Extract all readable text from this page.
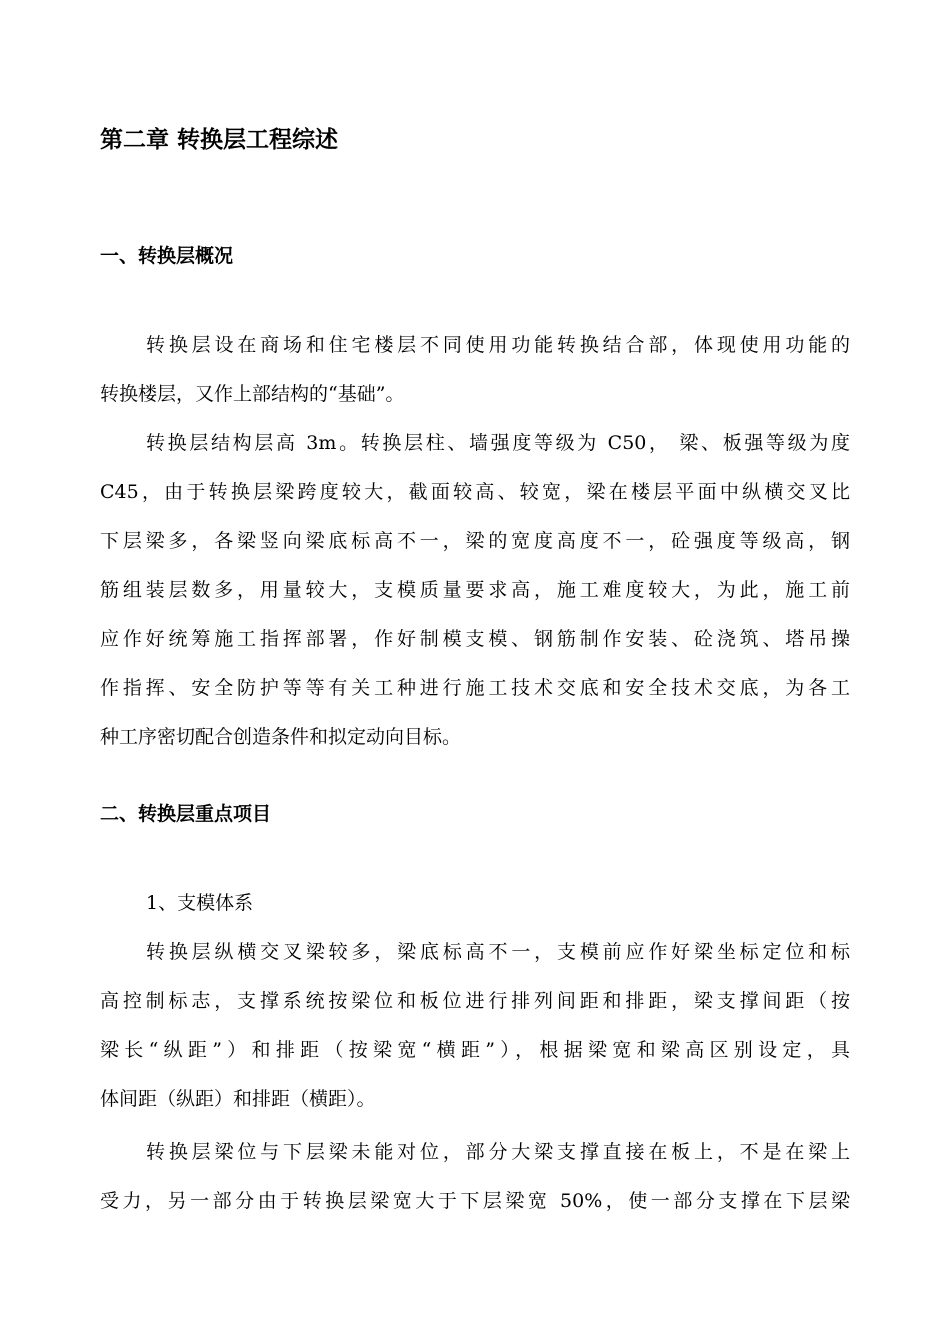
第二章 转换层工程综述
一、转换层概况
转换层设在商场和住宅楼层不同使用功能转换结合部，体现使用功能的
转换楼层，又作上部结构的“基础”。
转换层结构层高 3m。转换层柱、墙强度等级为 C50， 梁、板强等级为度
C45，由于转换层梁跨度较大，截面较高、较宽，梁在楼层平面中纵横交叉比
下层梁多，各梁竖向梁底标高不一，梁的宽度高度不一，砼强度等级高，钢
筋组装层数多，用量较大，支模质量要求高，施工难度较大，为此，施工前
应作好统筹施工指挥部署，作好制模支模、钢筋制作安装、砼浇筑、塔吊操
作指挥、安全防护等等有关工种进行施工技术交底和安全技术交底，为各工
种工序密切配合创造条件和拟定动向目标。
二、转换层重点项目
1、支模体系
转换层纵横交叉梁较多，梁底标高不一，支模前应作好梁坐标定位和标
高控制标志，支撑系统按梁位和板位进行排列间距和排距，梁支撑间距（按
梁长“纵距”）和排距（按梁宽“横距”），根据梁宽和梁高区别设定，具
体间距（纵距）和排距（横距）。
转换层梁位与下层梁未能对位，部分大梁支撑直接在板上，不是在梁上
受力，另一部分由于转换层梁宽大于下层梁宽 50%，使一部分支撑在下层梁
